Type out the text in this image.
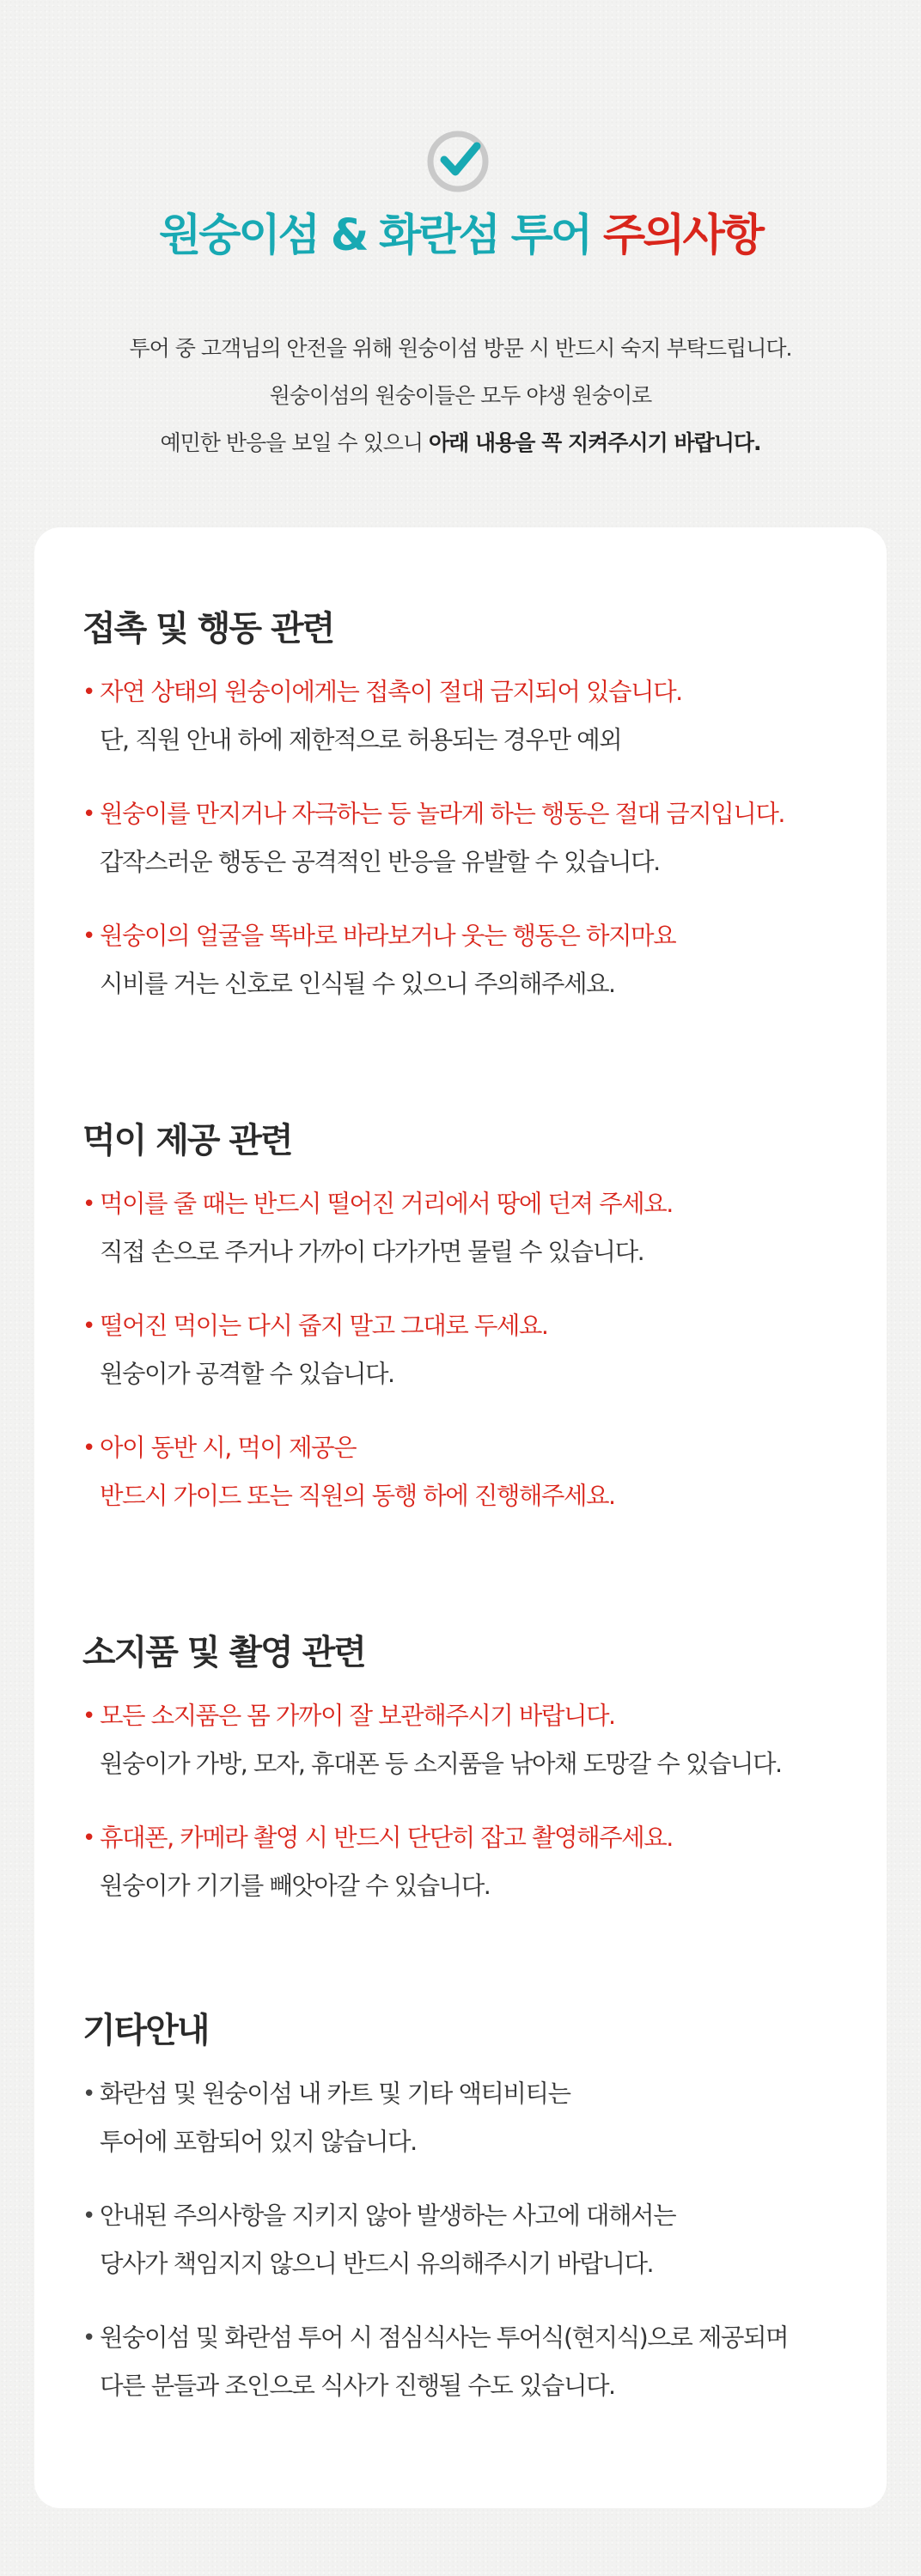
원숭이섬 & 화란섬 투어 주의사항
투어 중 고객님의 안전을 위해 원숭이섬 방문 시 반드시 숙지 부탁드립니다.
원숭이섬의 원숭이들은 모두 야생 원숭이로
예민한 반응을 보일 수 있으니 아래 내용을 꼭 지켜주시기 바랍니다.
접촉 및 행동 관련
• 자연 상태의 원숭이에게는 접촉이 절대 금지되어 있습니다.
단, 직원 안내 하에 제한적으로 허용되는 경우만 예외
• 원숭이를 만지거나 자극하는 등 놀라게 하는 행동은 절대 금지입니다.
갑작스러운 행동은 공격적인 반응을 유발할 수 있습니다.
• 원숭이의 얼굴을 똑바로 바라보거나 웃는 행동은 하지마요
시비를 거는 신호로 인식될 수 있으니 주의해주세요.
먹이 제공 관련
• 먹이를 줄 때는 반드시 떨어진 거리에서 땅에 던져 주세요.
직접 손으로 주거나 가까이 다가가면 물릴 수 있습니다.
• 떨어진 먹이는 다시 줍지 말고 그대로 두세요.
원숭이가 공격할 수 있습니다.
• 아이 동반 시, 먹이 제공은
반드시 가이드 또는 직원의 동행 하에 진행해주세요.
소지품 및 촬영 관련
• 모든 소지품은 몸 가까이 잘 보관해주시기 바랍니다.
원숭이가 가방, 모자, 휴대폰 등 소지품을 낚아채 도망갈 수 있습니다.
• 휴대폰, 카메라 촬영 시 반드시 단단히 잡고 촬영해주세요.
원숭이가 기기를 빼앗아갈 수 있습니다.
기타안내
• 화란섬 및 원숭이섬 내 카트 및 기타 액티비티는
투어에 포함되어 있지 않습니다.
• 안내된 주의사항을 지키지 않아 발생하는 사고에 대해서는
당사가 책임지지 않으니 반드시 유의해주시기 바랍니다.
• 원숭이섬 및 화란섬 투어 시 점심식사는 투어식(현지식)으로 제공되며
다른 분들과 조인으로 식사가 진행될 수도 있습니다.
